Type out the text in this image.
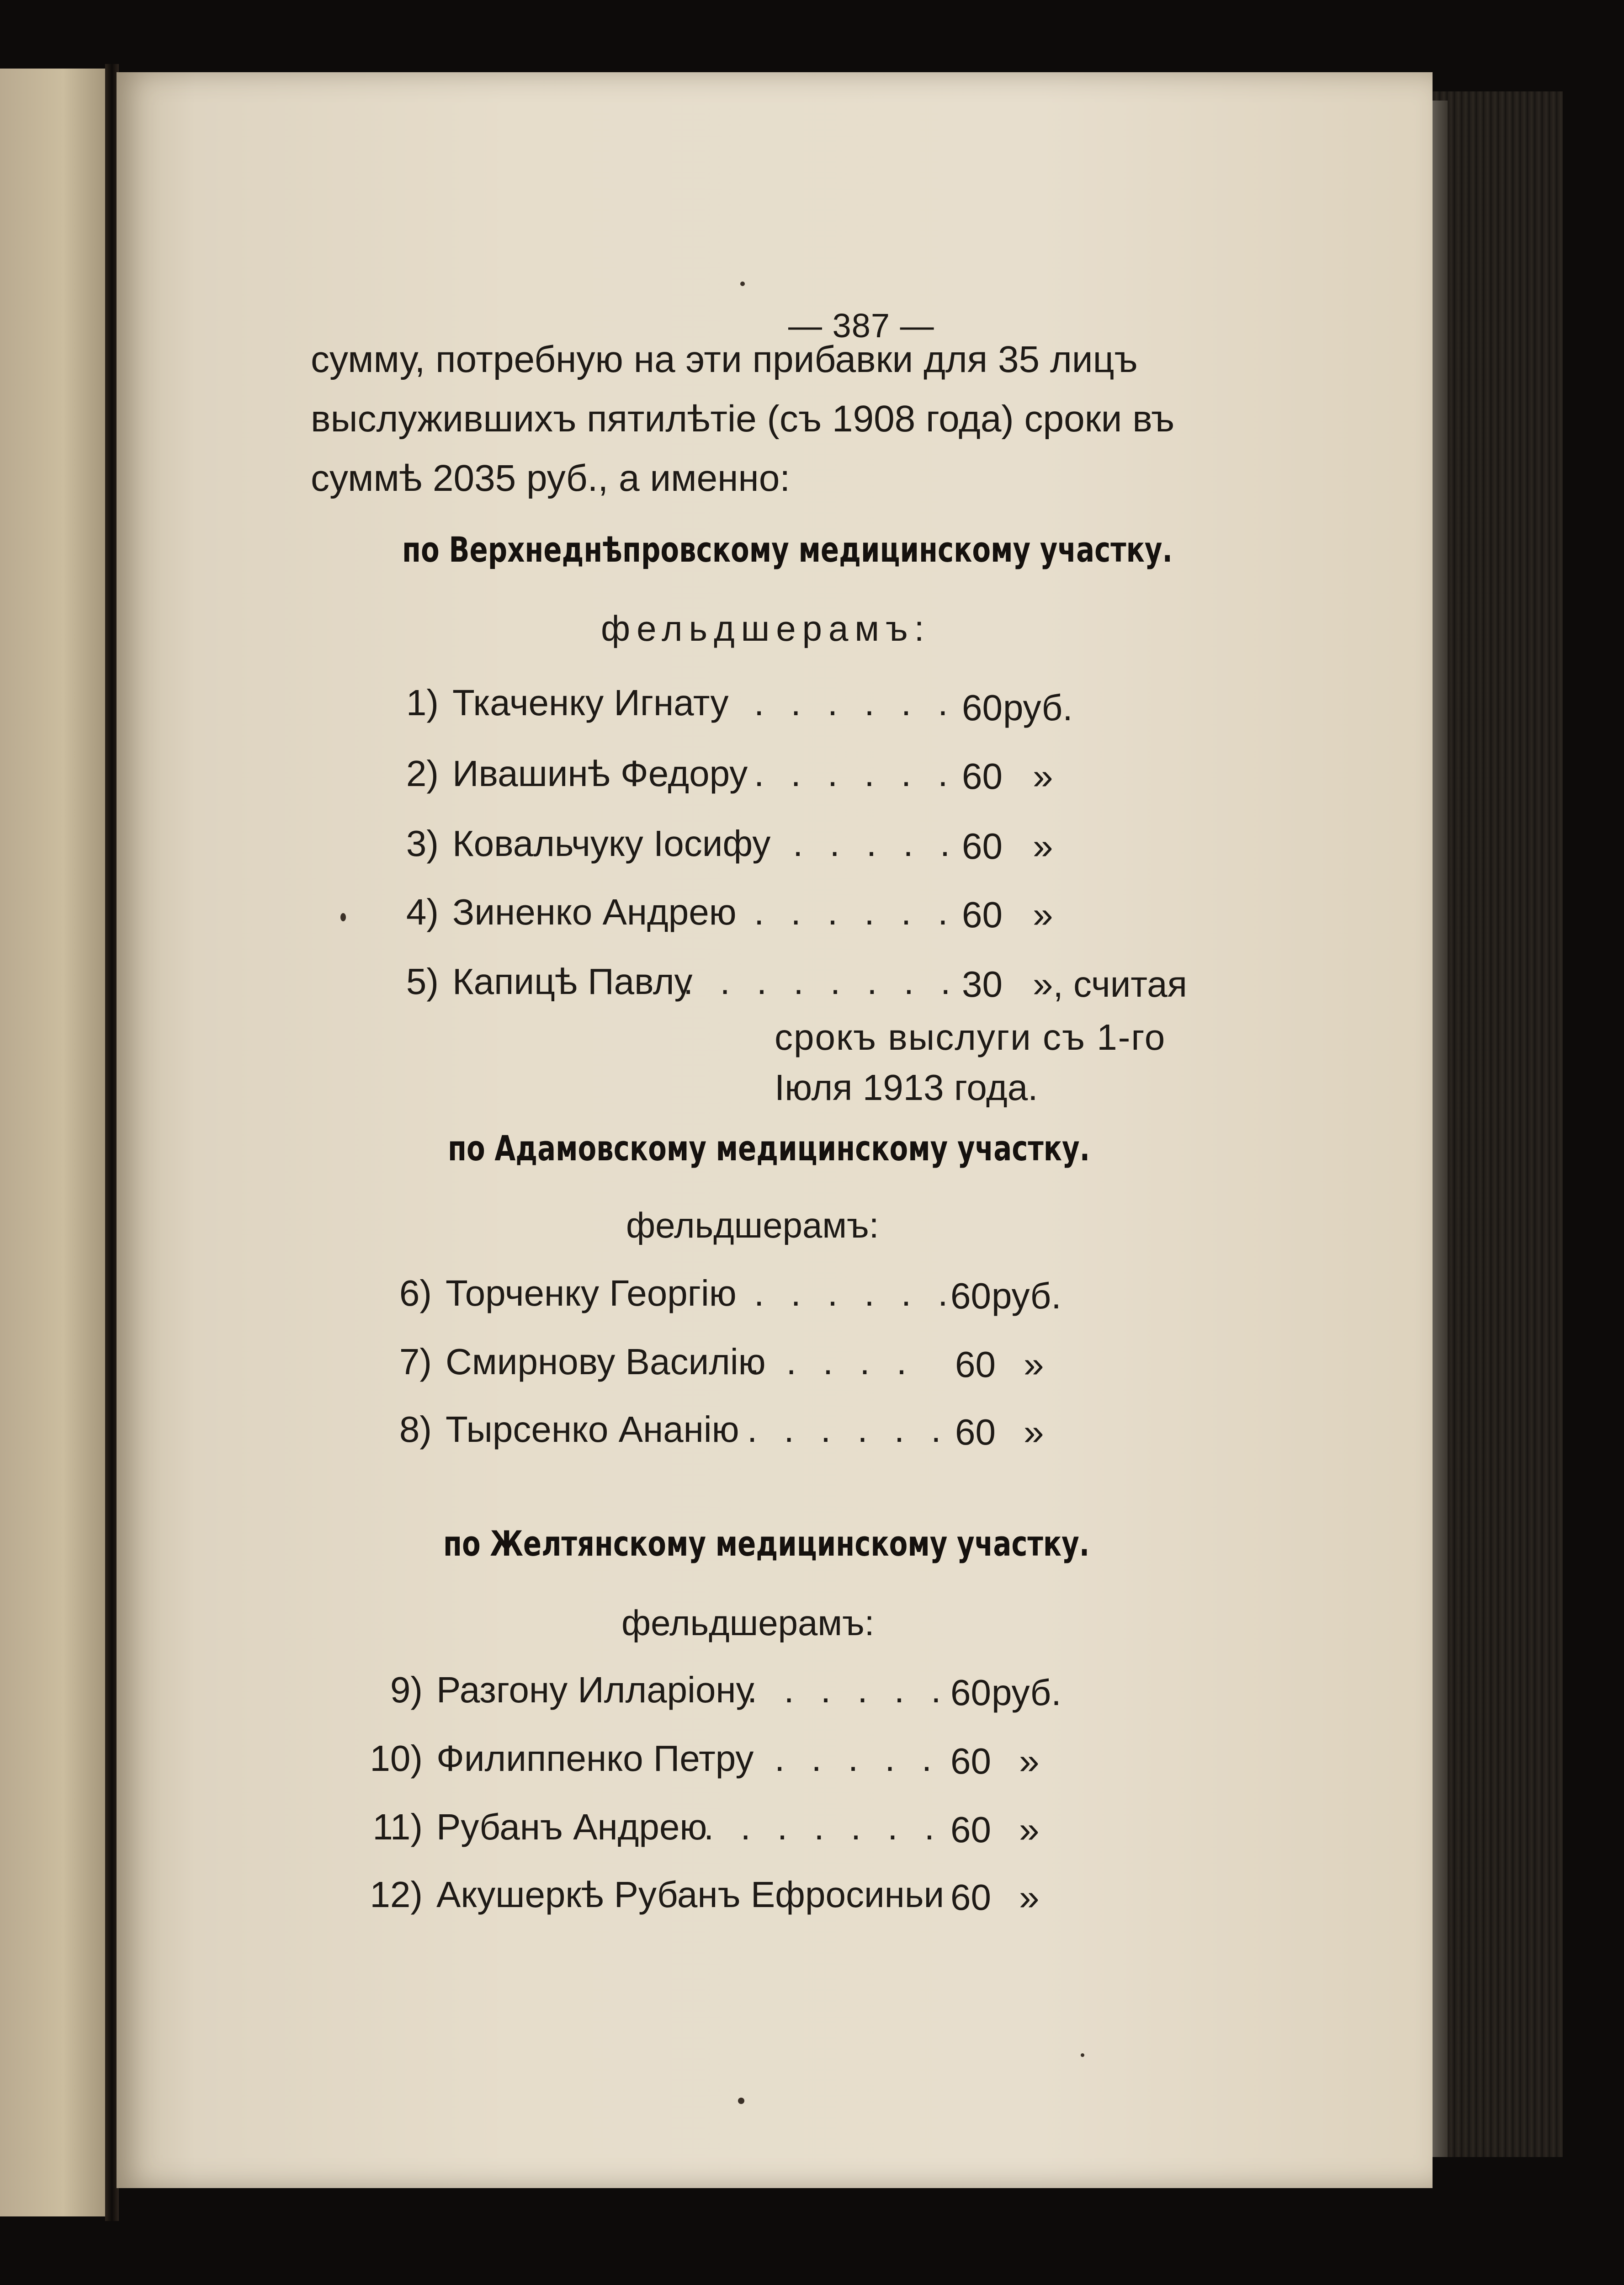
— 387 —
сумму, потребную на эти прибавки для 35 лицъ
выслужившихъ пятилѣтіе (съ 1908 года) сроки въ
суммѣ 2035 руб., а именно:
по Верхнеднѣпровскому медицинскому участку.
фельдшерамъ:
1) Ткаченку Игнату . . . . . . 60 руб.
2) Ивашинѣ Федору . . . . . . 60 »
3) Ковальчуку Іосифу . . . . . 60 »
4) Зиненко Андрею . . . . . . 60 »
5) Капицѣ Павлу
. . . . . . . . 30 », считая
срокъ выслуги съ 1-го
Іюля 1913 года.
по Адамовскому медицинскому участку.
фельдшерамъ:
6) Торченку Георгію . . . . . .
60 руб.
7) Смирнову Василію
. . . . . 60 »
8) Тырсенко Ананію . . . . . . 60 »
по Желтянскому медицинскому участку.
фельдшерамъ:
9) Разгону Илларіону
. . . . . . 60 руб.
10) Филиппенко Петру . . . . . 60 »
11) Рубанъ Андрею
. . . . . . . 60 »
12) Акушеркѣ Рубанъ Ефросиньи 60 »
